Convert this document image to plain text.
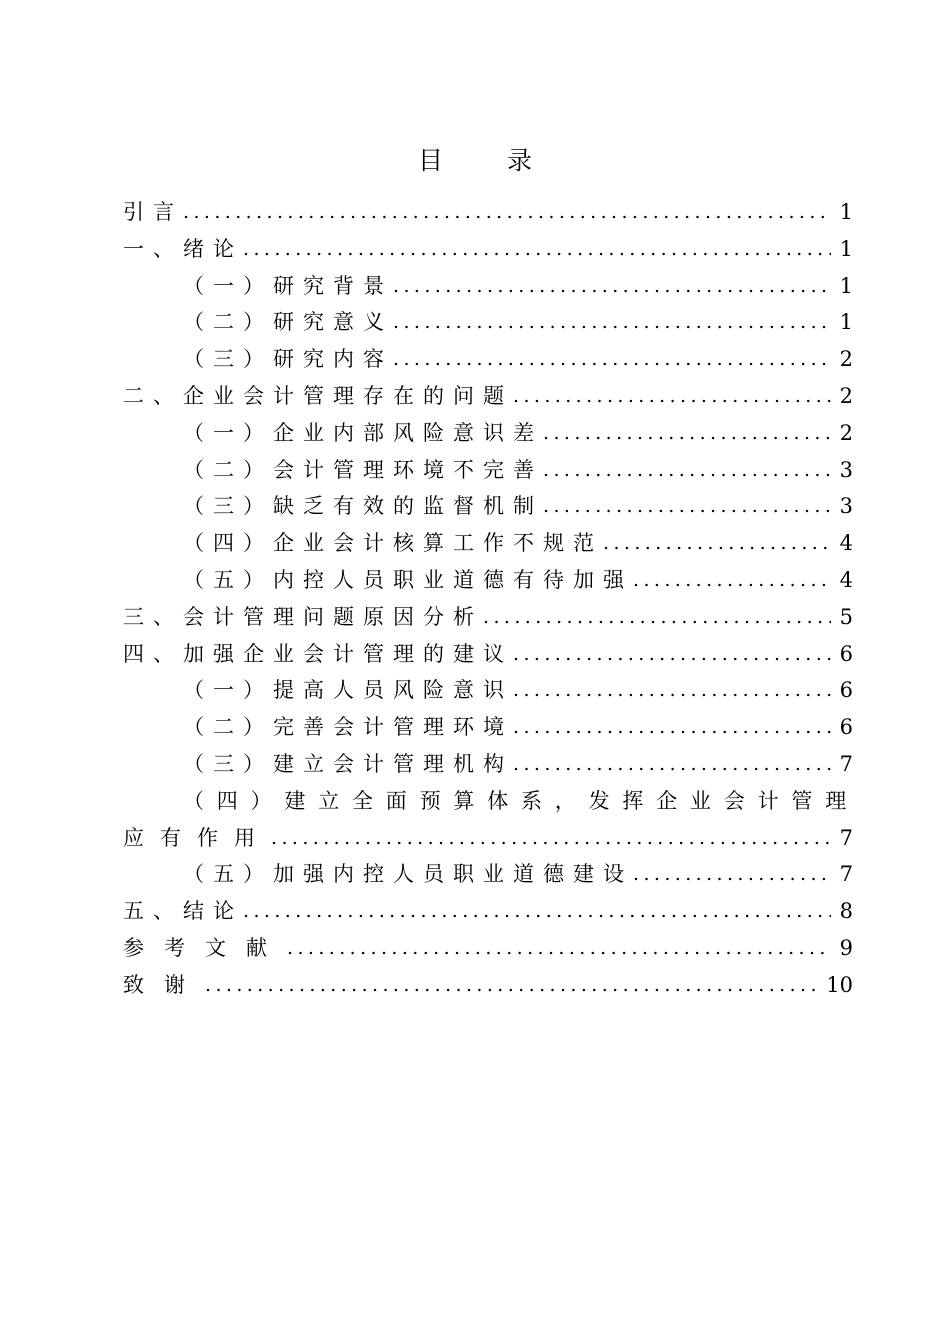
目 录
引言 .....	1
一、绪论 .....	1
（一）研究背景 .....	1
（二）研究意义 .....	1
（三）研究内容 .....	2
二、企业会计管理存在的问题 .....	2
（一）企业内部风险意识差 .....	2
（二）会计管理环境不完善 .....	3
（三）缺乏有效的监督机制 .....	3
（四）企业会计核算工作不规范 .....	4
（五）内控人员职业道德有待加强 .....	4
三、会计管理问题原因分析 .....	5
四、加强企业会计管理的建议 .....	6
（一）提高人员风险意识 .....	6
（二）完善会计管理环境 .....	6
（三）建立会计管理机构 .....	7
（四）建立全面预算体系，发挥企业会计管理
应有作用 .....	7
（五）加强内控人员职业道德建设 .....	7
五、结论 .....	8
参考文献 .....	9
致谢 .....	10
